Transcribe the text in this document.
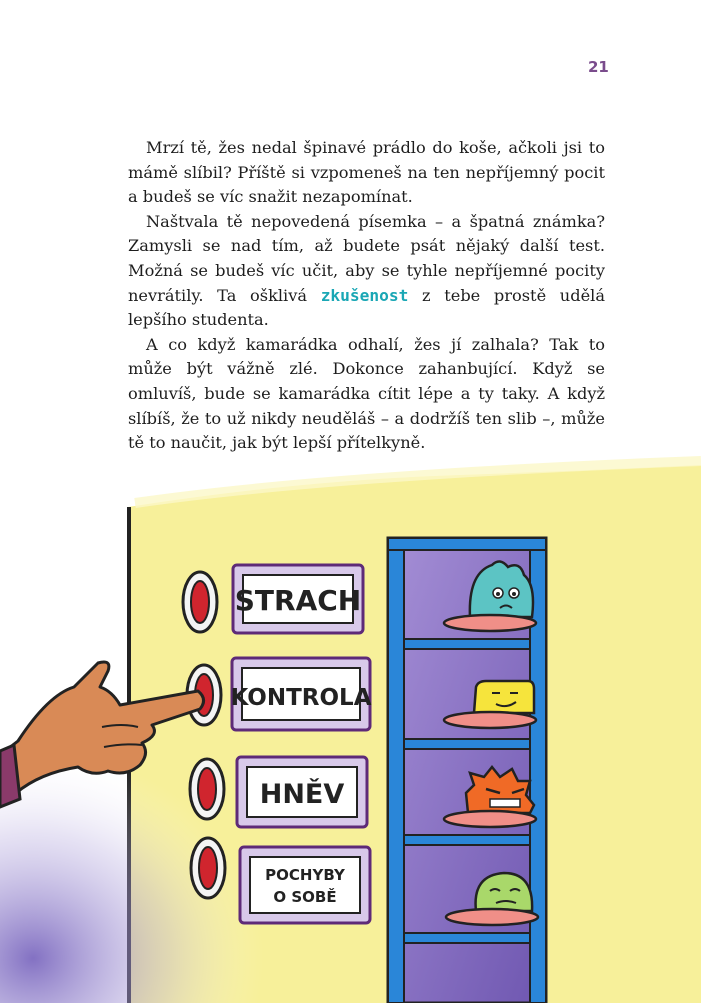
21

Mrzí tě, žes nedal špinavé prádlo do koše, ačkoli jsi to mámě slíbil? Příště si vzpomeneš na ten nepříjemný pocit a budeš se víc snažit nezapomínat.

Naštvala tě nepovedená písemka – a špatná známka? Zamysli se nad tím, až budete psát nějaký další test. Možná se budeš víc učit, aby se tyhle nepříjemné pocity nevrátily. Ta ošklivá zkušenost z tebe prostě udělá lepšího studenta.

A co když kamarádka odhalí, žes jí zalhala? Tak to může být vážně zlé. Dokonce zahanbující. Když se omluvíš, bude se kamarádka cítit lépe a ty taky. A když slíbíš, že to už nikdy neuděláš – a dodržíš ten slib –, může tě to naučit, jak být lepší přítelkyně.

STRACH
KONTROLA
HNĚV
POCHYBY
O SOBĚ
